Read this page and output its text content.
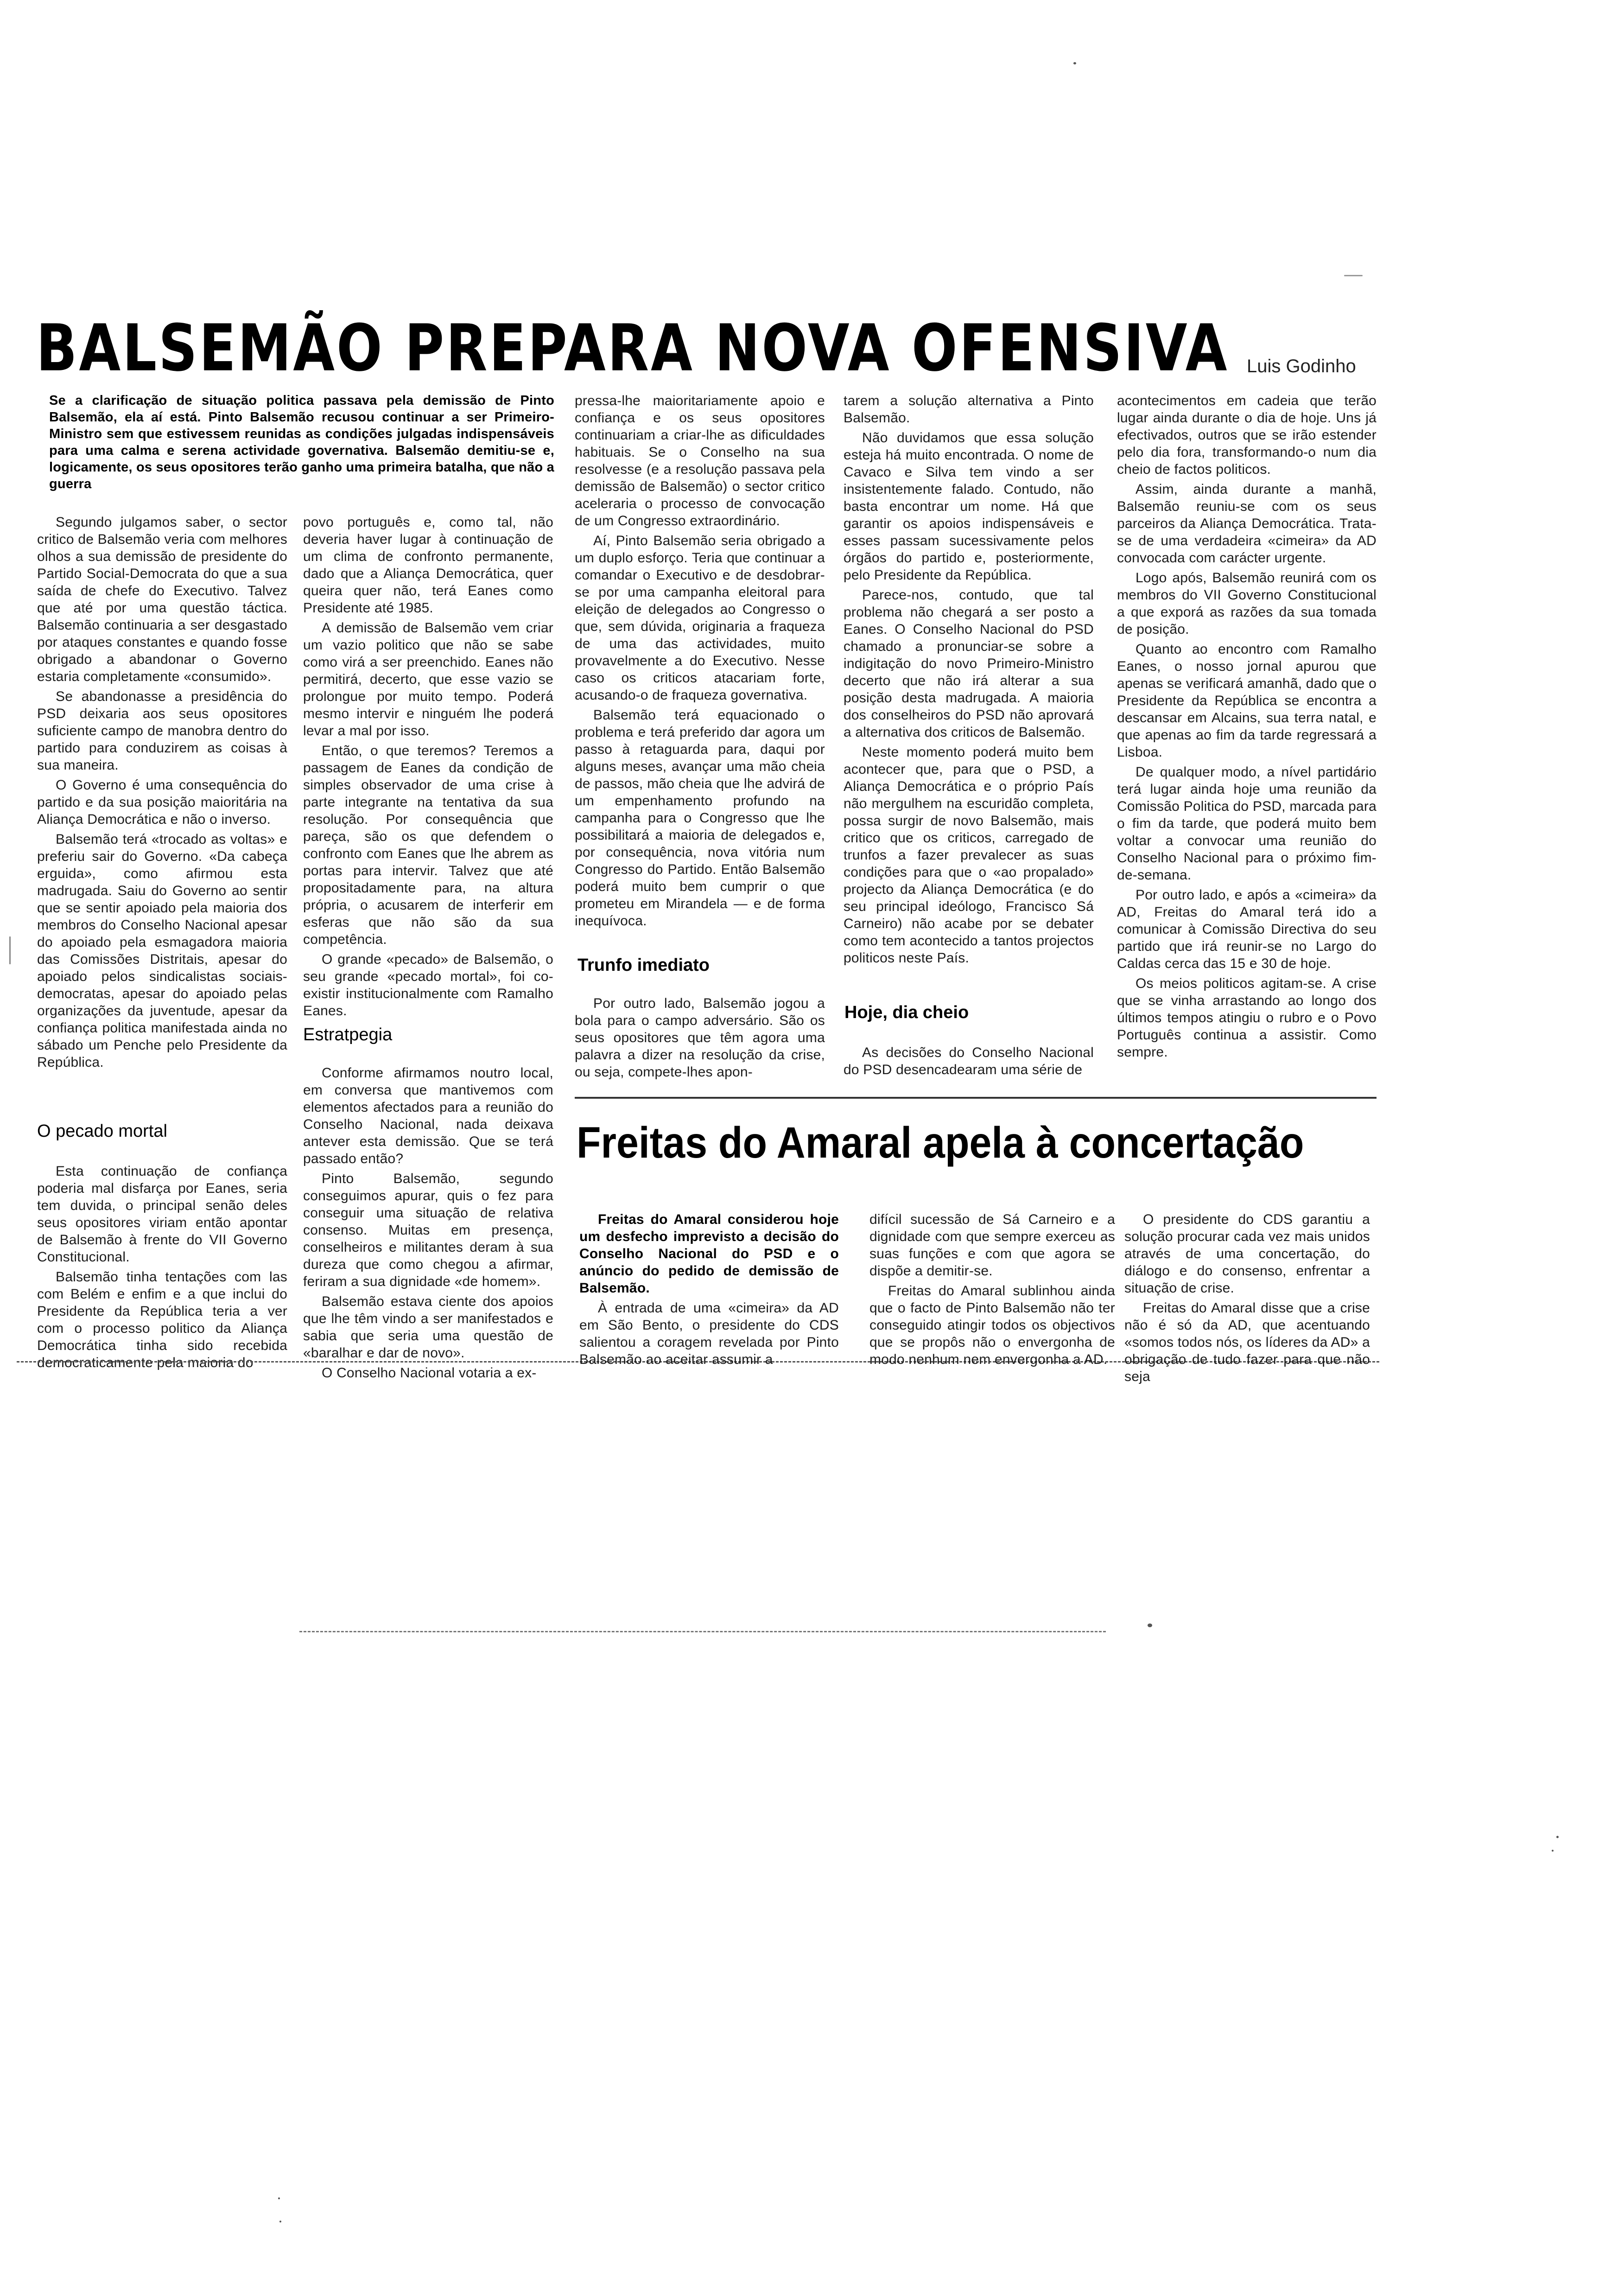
BALSEMÃO PREPARA NOVA OFENSIVA Luis Godinho

Se a clarificação de situação politica passava pela demissão de Pinto Balsemão, ela aí está. Pinto Balsemão recusou continuar a ser Primeiro-Ministro sem que estivessem reunidas as condições julgadas indispensáveis para uma calma e serena actividade governativa. Balsemão demitiu-se e, logicamente, os seus opositores terão ganho uma primeira batalha, que não a guerra

Segundo julgamos saber, o sector critico de Balsemão veria com melhores olhos a sua demissão de presidente do Partido Social-Democrata do que a sua saída de chefe do Executivo. Talvez que até por uma questão táctica. Balsemão continuaria a ser desgastado por ataques constantes e quando fosse obrigado a abandonar o Governo estaria completamente «consumido».

Se abandonasse a presidência do PSD deixaria aos seus opositores suficiente campo de manobra dentro do partido para conduzirem as coisas à sua maneira.

O Governo é uma consequência do partido e da sua posição maioritária na Aliança Democrática e não o inverso.

Balsemão terá «trocado as voltas» e preferiu sair do Governo. «Da cabeça erguida», como afirmou esta madrugada. Saiu do Governo ao sentir que se sentir apoiado pela maioria dos membros do Conselho Nacional apesar do apoiado pela esmagadora maioria das Comissões Distritais, apesar do apoiado pelos sindicalistas sociais-democratas, apesar do apoiado pelas organizações da juventude, apesar da confiança politica manifestada ainda no sábado um Penche pelo Presidente da República.

O pecado mortal

Esta continuação de confiança poderia mal disfarça por Eanes, seria tem duvida, o principal senão deles seus opositores viriam então apontar de Balsemão à frente do VII Governo Constitucional.

Balsemão tinha tentações com las com Belém e enfim e a que inclui do Presidente da República teria a ver com o processo politico da Aliança Democrática tinha sido recebida democraticamente pela maioria do

povo português e, como tal, não deveria haver lugar à continuação de um clima de confronto permanente, dado que a Aliança Democrática, quer queira quer não, terá Eanes como Presidente até 1985.

A demissão de Balsemão vem criar um vazio politico que não se sabe como virá a ser preenchido. Eanes não permitirá, decerto, que esse vazio se prolongue por muito tempo. Poderá mesmo intervir e ninguém lhe poderá levar a mal por isso.

Então, o que teremos? Teremos a passagem de Eanes da condição de simples observador de uma crise à parte integrante na tentativa da sua resolução. Por consequência que pareça, são os que defendem o confronto com Eanes que lhe abrem as portas para intervir. Talvez que até propositadamente para, na altura própria, o acusarem de interferir em esferas que não são da sua competência.

O grande «pecado» de Balsemão, o seu grande «pecado mortal», foi co-existir institucionalmente com Ramalho Eanes.

Estratpegia

Conforme afirmamos noutro local, em conversa que mantivemos com elementos afectados para a reunião do Conselho Nacional, nada deixava antever esta demissão. Que se terá passado então?

Pinto Balsemão, segundo conseguimos apurar, quis o fez para conseguir uma situação de relativa consenso. Muitas em presença, conselheiros e militantes deram à sua dureza que como chegou a afirmar, feriram a sua dignidade «de homem».

Balsemão estava ciente dos apoios que lhe têm vindo a ser manifestados e sabia que seria uma questão de «baralhar e dar de novo».

O Conselho Nacional votaria a ex-

pressa-lhe maioritariamente apoio e confiança e os seus opositores continuariam a criar-lhe as dificuldades habituais. Se o Conselho na sua resolvesse (e a resolução passava pela demissão de Balsemão) o sector critico aceleraria o processo de convocação de um Congresso extraordinário.

Aí, Pinto Balsemão seria obrigado a um duplo esforço. Teria que continuar a comandar o Executivo e de desdobrar-se por uma campanha eleitoral para eleição de delegados ao Congresso o que, sem dúvida, originaria a fraqueza de uma das actividades, muito provavelmente a do Executivo. Nesse caso os criticos atacariam forte, acusando-o de fraqueza governativa.

Balsemão terá equacionado o problema e terá preferido dar agora um passo à retaguarda para, daqui por alguns meses, avançar uma mão cheia de passos, mão cheia que lhe advirá de um empenhamento profundo na campanha para o Congresso que lhe possibilitará a maioria de delegados e, por consequência, nova vitória num Congresso do Partido. Então Balsemão poderá muito bem cumprir o que prometeu em Mirandela — e de forma inequívoca.

Trunfo imediato

Por outro lado, Balsemão jogou a bola para o campo adversário. São os seus opositores que têm agora uma palavra a dizer na resolução da crise, ou seja, compete-lhes apon-

tarem a solução alternativa a Pinto Balsemão.

Não duvidamos que essa solução esteja há muito encontrada. O nome de Cavaco e Silva tem vindo a ser insistentemente falado. Contudo, não basta encontrar um nome. Há que garantir os apoios indispensáveis e esses passam sucessivamente pelos órgãos do partido e, posteriormente, pelo Presidente da República.

Parece-nos, contudo, que tal problema não chegará a ser posto a Eanes. O Conselho Nacional do PSD chamado a pronunciar-se sobre a indigitação do novo Primeiro-Ministro decerto que não irá alterar a sua posição desta madrugada. A maioria dos conselheiros do PSD não aprovará a alternativa dos criticos de Balsemão.

Neste momento poderá muito bem acontecer que, para que o PSD, a Aliança Democrática e o próprio País não mergulhem na escuridão completa, possa surgir de novo Balsemão, mais critico que os criticos, carregado de trunfos a fazer prevalecer as suas condições para que o «ao propalado» projecto da Aliança Democrática (e do seu principal ideólogo, Francisco Sá Carneiro) não acabe por se debater como tem acontecido a tantos projectos politicos neste País.

Hoje, dia cheio

As decisões do Conselho Nacional do PSD desencadearam uma série de

acontecimentos em cadeia que terão lugar ainda durante o dia de hoje. Uns já efectivados, outros que se irão estender pelo dia fora, transformando-o num dia cheio de factos politicos.

Assim, ainda durante a manhã, Balsemão reuniu-se com os seus parceiros da Aliança Democrática. Trata-se de uma verdadeira «cimeira» da AD convocada com carácter urgente.

Logo após, Balsemão reunirá com os membros do VII Governo Constitucional a que exporá as razões da sua tomada de posição.

Quanto ao encontro com Ramalho Eanes, o nosso jornal apurou que apenas se verificará amanhã, dado que o Presidente da República se encontra a descansar em Alcains, sua terra natal, e que apenas ao fim da tarde regressará a Lisboa.

De qualquer modo, a nível partidário terá lugar ainda hoje uma reunião da Comissão Politica do PSD, marcada para o fim da tarde, que poderá muito bem voltar a convocar uma reunião do Conselho Nacional para o próximo fim-de-semana.

Por outro lado, e após a «cimeira» da AD, Freitas do Amaral terá ido a comunicar à Comissão Directiva do seu partido que irá reunir-se no Largo do Caldas cerca das 15 e 30 de hoje.

Os meios politicos agitam-se. A crise que se vinha arrastando ao longo dos últimos tempos atingiu o rubro e o Povo Português continua a assistir. Como sempre.

Freitas do Amaral apela à concertação

Freitas do Amaral considerou hoje um desfecho imprevisto a decisão do Conselho Nacional do PSD e o anúncio do pedido de demissão de Balsemão.

À entrada de uma «cimeira» da AD em São Bento, o presidente do CDS salientou a coragem revelada por Pinto Balsemão ao aceitar assumir a

difícil sucessão de Sá Carneiro e a dignidade com que sempre exerceu as suas funções e com que agora se dispõe a demitir-se.

Freitas do Amaral sublinhou ainda que o facto de Pinto Balsemão não ter conseguido atingir todos os objectivos que se propôs não o envergonha de modo nenhum nem envergonha a AD.

O presidente do CDS garantiu a solução procurar cada vez mais unidos através de uma concertação, do diálogo e do consenso, enfrentar a situação de crise.

Freitas do Amaral disse que a crise não é só da AD, que acentuando «somos todos nós, os líderes da AD» a obrigação de tudo fazer para que não seja
